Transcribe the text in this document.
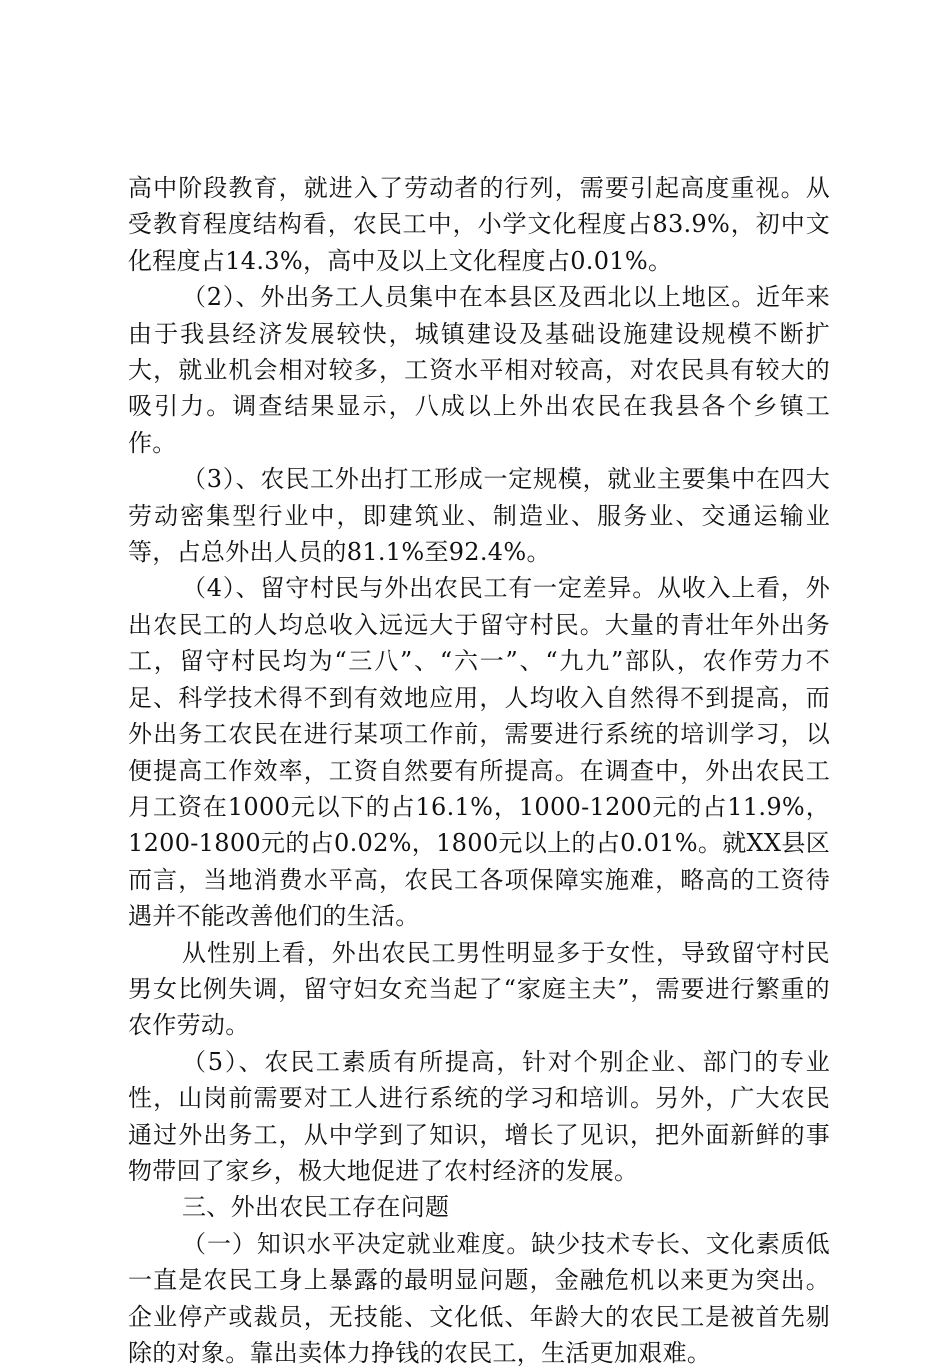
高中阶段教育，就进入了劳动者的行列，需要引起高度重视。从受教育程度结构看，农民工中，小学文化程度占83.9%，初中文化程度占14.3%，高中及以上文化程度占0.01%。

（2）、外出务工人员集中在本县区及西北以上地区。近年来由于我县经济发展较快，城镇建设及基础设施建设规模不断扩大，就业机会相对较多，工资水平相对较高，对农民具有较大的吸引力。调查结果显示，八成以上外出农民在我县各个乡镇工作。

（3）、农民工外出打工形成一定规模，就业主要集中在四大劳动密集型行业中，即建筑业、制造业、服务业、交通运输业等，占总外出人员的81.1%至92.4%。

（4）、留守村民与外出农民工有一定差异。从收入上看，外出农民工的人均总收入远远大于留守村民。大量的青壮年外出务工，留守村民均为“三八”、“六一”、“九九”部队，农作劳力不足、科学技术得不到有效地应用，人均收入自然得不到提高，而外出务工农民在进行某项工作前，需要进行系统的培训学习，以便提高工作效率，工资自然要有所提高。在调查中，外出农民工月工资在1000元以下的占16.1%，1000-1200元的占11.9%，1200-1800元的占0.02%，1800元以上的占0.01%。就XX县区而言，当地消费水平高，农民工各项保障实施难，略高的工资待遇并不能改善他们的生活。

从性别上看，外出农民工男性明显多于女性，导致留守村民男女比例失调，留守妇女充当起了“家庭主夫”，需要进行繁重的农作劳动。

（5）、农民工素质有所提高，针对个别企业、部门的专业性，山岗前需要对工人进行系统的学习和培训。另外，广大农民通过外出务工，从中学到了知识，增长了见识，把外面新鲜的事物带回了家乡，极大地促进了农村经济的发展。

三、外出农民工存在问题

（一）知识水平决定就业难度。缺少技术专长、文化素质低一直是农民工身上暴露的最明显问题，金融危机以来更为突出。企业停产或裁员，无技能、文化低、年龄大的农民工是被首先剔除的对象。靠出卖体力挣钱的农民工，生活更加艰难。
